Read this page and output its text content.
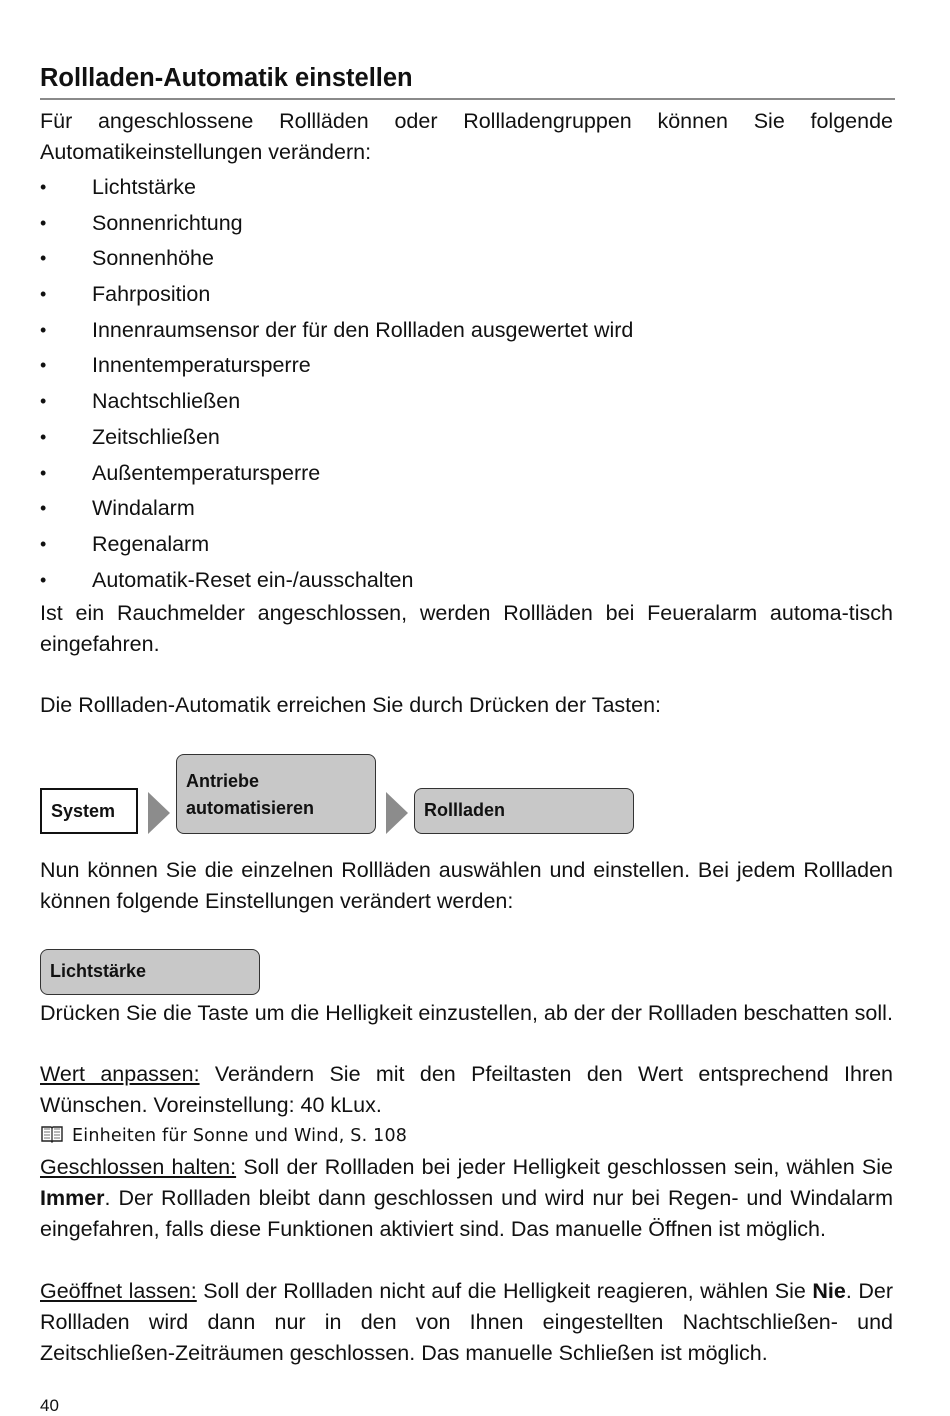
Rollladen-Automatik einstellen

Für angeschlossene Rollläden oder Rollladengruppen können Sie folgende Automatikeinstellungen verändern:

• Lichtstärke
• Sonnenrichtung
• Sonnenhöhe
• Fahrposition
• Innenraumsensor der für den Rollladen ausgewertet wird
• Innentemperatursperre
• Nachtschließen
• Zeitschließen
• Außentemperatursperre
• Windalarm
• Regenalarm
• Automatik-Reset ein-/ausschalten

Ist ein Rauchmelder angeschlossen, werden Rollläden bei Feueralarm automa-tisch eingefahren.

Die Rollladen-Automatik erreichen Sie durch Drücken der Tasten:

System
Antriebe
automatisieren	Rollladen

Nun können Sie die einzelnen Rollläden auswählen und einstellen. Bei jedem Rollladen können folgende Einstellungen verändert werden:

Lichtstärke

Drücken Sie die Taste um die Helligkeit einzustellen, ab der der Rollladen beschatten soll.

Wert anpassen: Verändern Sie mit den Pfeiltasten den Wert entsprechend Ihren Wünschen. Voreinstellung: 40 kLux.

Einheiten für Sonne und Wind, S. 108

Geschlossen halten: Soll der Rollladen bei jeder Helligkeit geschlossen sein, wählen Sie Immer. Der Rollladen bleibt dann geschlossen und wird nur bei Regen- und Windalarm eingefahren, falls diese Funktionen aktiviert sind. Das manuelle Öffnen ist möglich.

Geöffnet lassen: Soll der Rollladen nicht auf die Helligkeit reagieren, wählen Sie Nie. Der Rollladen wird dann nur in den von Ihnen eingestellten Nachtschließen- und Zeitschließen-Zeiträumen geschlossen. Das manuelle Schließen ist möglich.

40
